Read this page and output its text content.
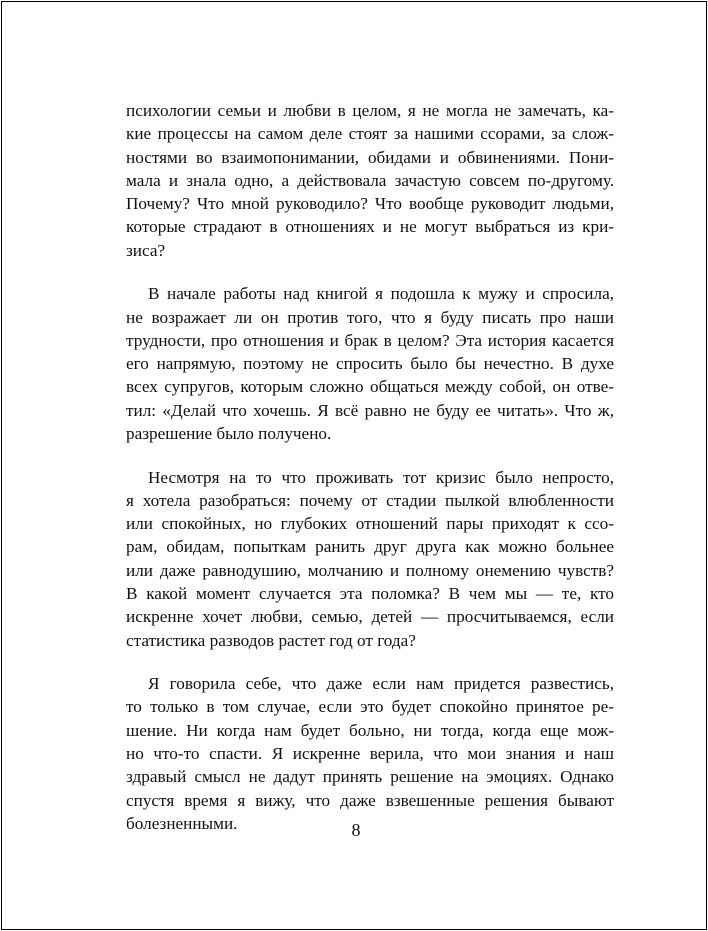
психологии семьи и любви в целом, я не могла не замечать, ка-
кие процессы на самом деле стоят за нашими ссорами, за слож-
ностями во взаимопонимании, обидами и обвинениями. Пони-
мала и знала одно, а действовала зачастую совсем по-другому.
Почему? Что мной руководило? Что вообще руководит людьми,
которые страдают в отношениях и не могут выбраться из кри-
зиса?

В начале работы над книгой я подошла к мужу и спросила,
не возражает ли он против того, что я буду писать про наши
трудности, про отношения и брак в целом? Эта история касается
его напрямую, поэтому не спросить было бы нечестно. В духе
всех супругов, которым сложно общаться между собой, он отве-
тил: «Делай что хочешь. Я всё равно не буду ее читать». Что ж,
разрешение было получено.

Несмотря на то что проживать тот кризис было непросто,
я хотела разобраться: почему от стадии пылкой влюбленности
или спокойных, но глубоких отношений пары приходят к ссо-
рам, обидам, попыткам ранить друг друга как можно больнее
или даже равнодушию, молчанию и полному онемению чувств?
В какой момент случается эта поломка? В чем мы — те, кто
искренне хочет любви, семью, детей — просчитываемся, если
статистика разводов растет год от года?

Я говорила себе, что даже если нам придется развестись,
то только в том случае, если это будет спокойно принятое ре-
шение. Ни когда нам будет больно, ни тогда, когда еще мож-
но что-то спасти. Я искренне верила, что мои знания и наш
здравый смысл не дадут принять решение на эмоциях. Однако
спустя время я вижу, что даже взвешенные решения бывают
болезненными.	8
